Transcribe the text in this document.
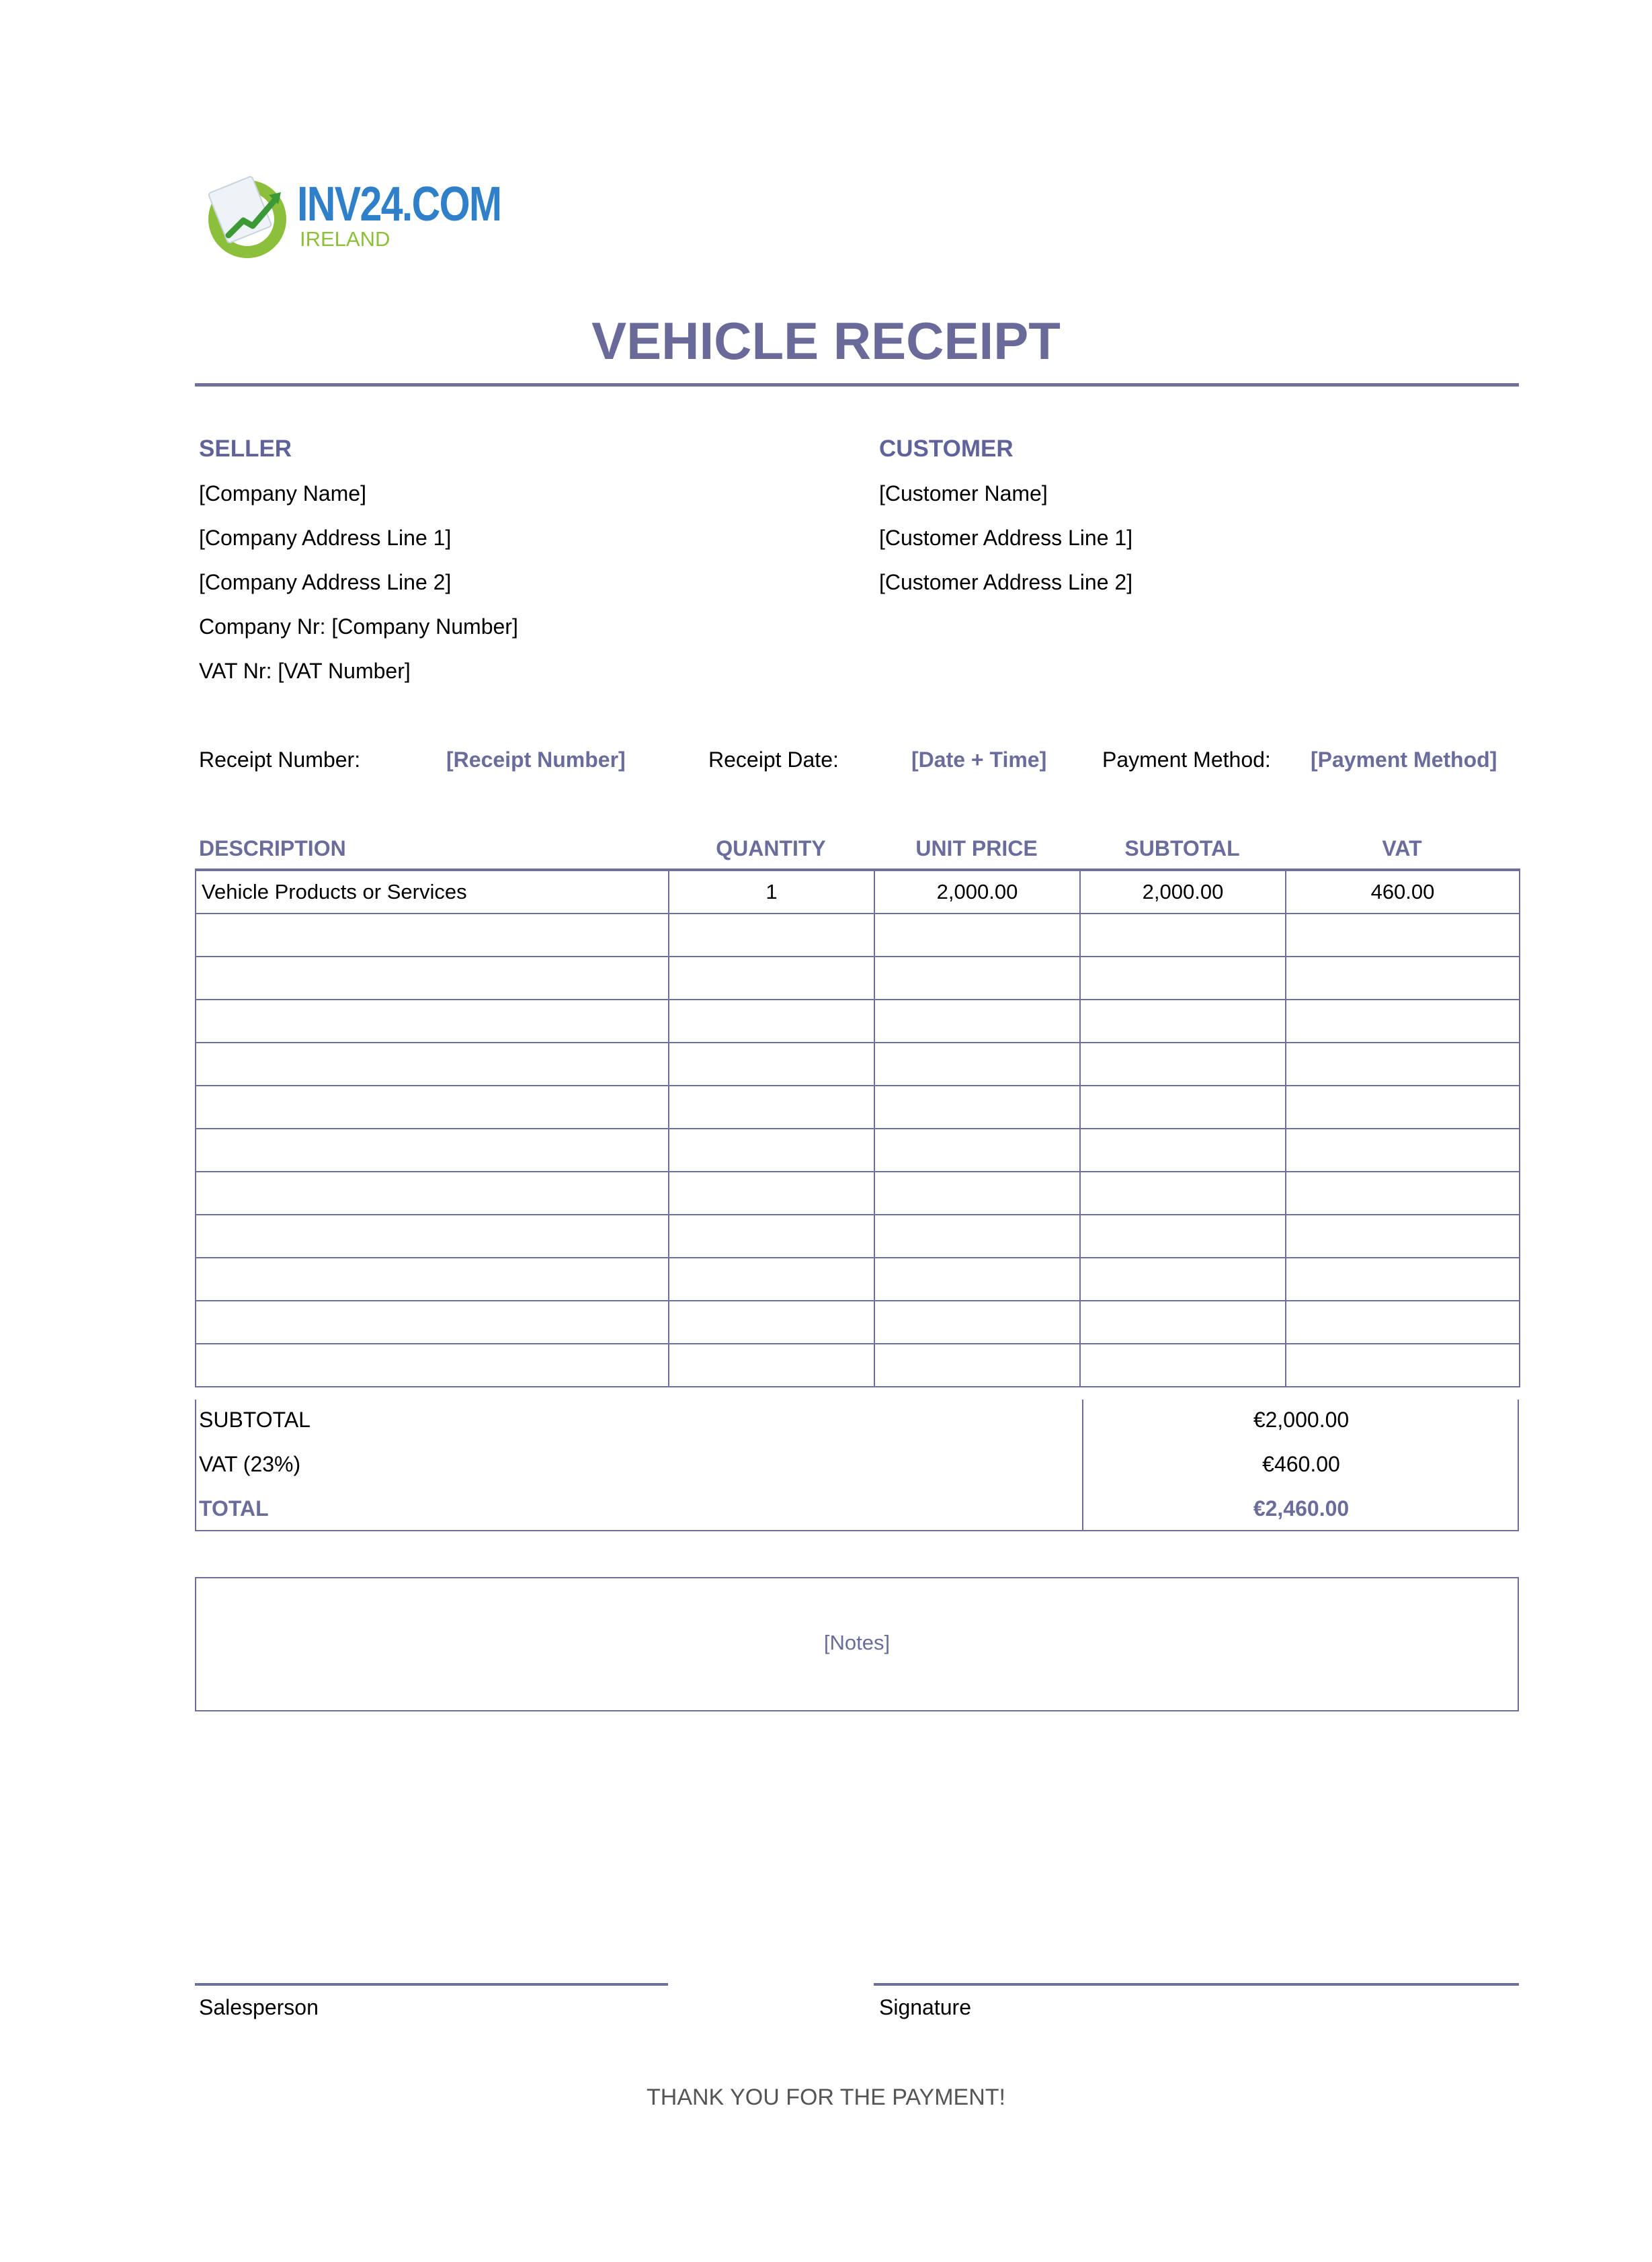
INV24.COM
IRELAND
VEHICLE RECEIPT
SELLER
[Company Name]
[Company Address Line 1]
[Company Address Line 2]
Company Nr: [Company Number]
VAT Nr: [VAT Number]
CUSTOMER
[Customer Name]
[Customer Address Line 1]
[Customer Address Line 2]
Receipt Number:	[Receipt Number]	Receipt Date:	[Date + Time]	Payment Method: [Payment Method]
DESCRIPTION	QUANTITY	UNIT PRICE	SUBTOTAL	VAT
Vehicle Products or Services	1	2,000.00	2,000.00	460.00

SUBTOTAL	€2,000.00
VAT (23%)	€460.00
TOTAL	€2,460.00
[Notes]
Salesperson	Signature
THANK YOU FOR THE PAYMENT!
